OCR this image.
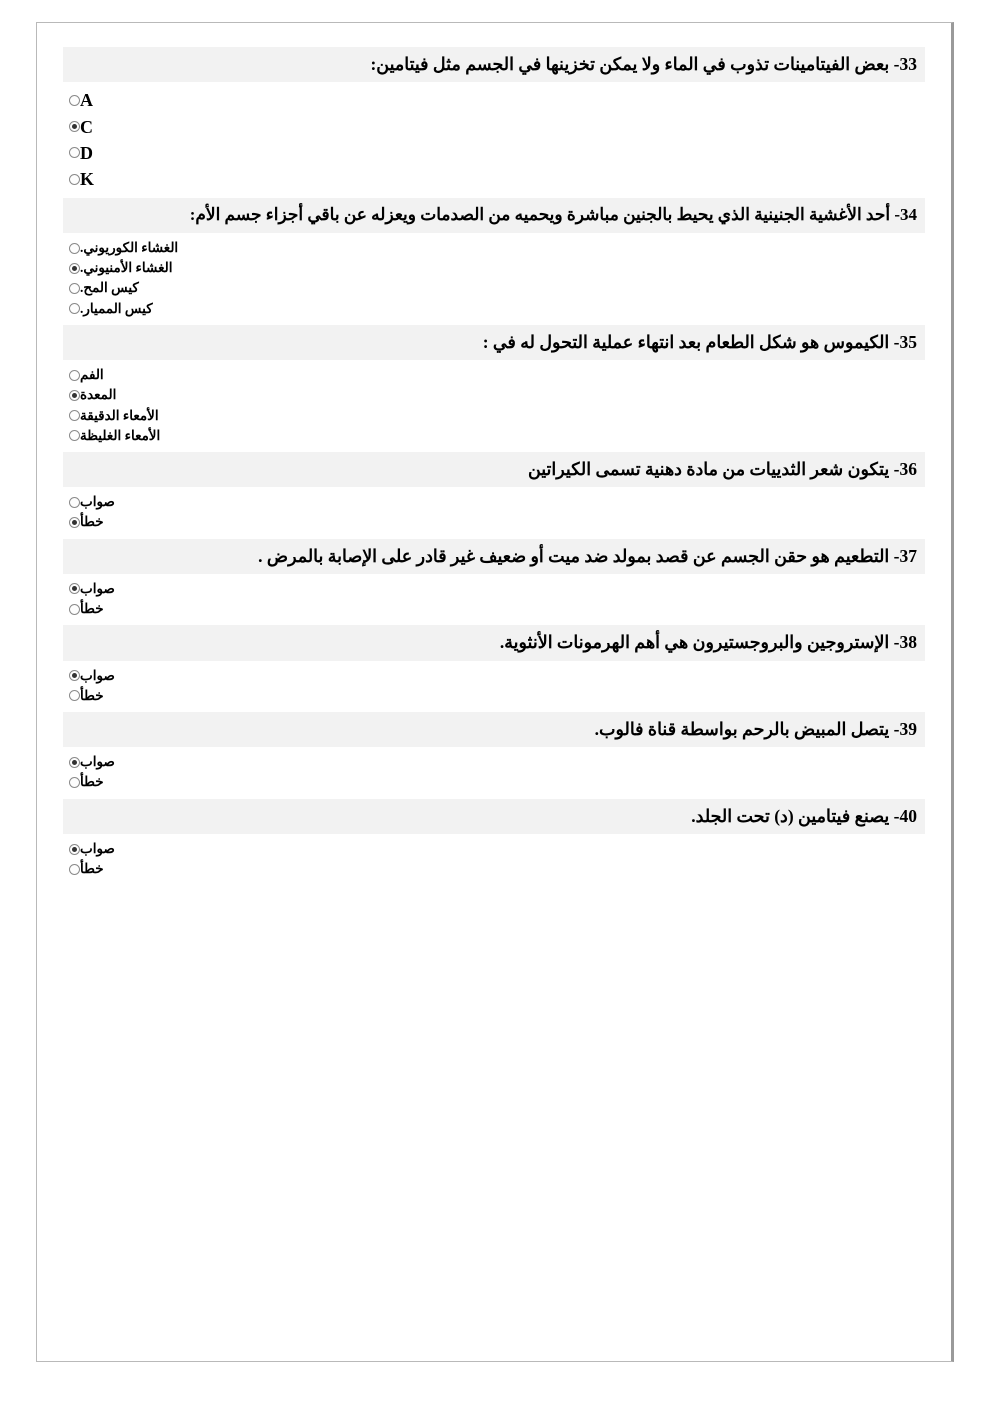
33- بعض الفيتامينات تذوب في الماء ولا يمكن تخزينها في الجسم مثل فيتامين:
A
C
D
K
34- أحد الأغشية الجنينية الذي يحيط بالجنين مباشرة ويحميه من الصدمات ويعزله عن باقي أجزاء جسم الأم:
الغشاء الكوريوني.
الغشاء الأمنيوني.
كيس المح.
كيس المميار.
35- الكيموس هو شكل الطعام بعد انتهاء عملية التحول له في :
الفم
المعدة
الأمعاء الدقيقة
الأمعاء الغليظة
36- يتكون شعر الثدييات من مادة دهنية تسمى الكيراتين
صواب
خطأ
37- التطعيم هو حقن الجسم عن قصد بمولد ضد ميت أو ضعيف غير قادر على الإصابة بالمرض .
صواب
خطأ
38- الإستروجين والبروجستيرون هي أهم الهرمونات الأنثوية.
صواب
خطأ
39- يتصل المبيض بالرحم بواسطة قناة فالوب.
صواب
خطأ
40- يصنع فيتامين (د) تحت الجلد.
صواب
خطأ
